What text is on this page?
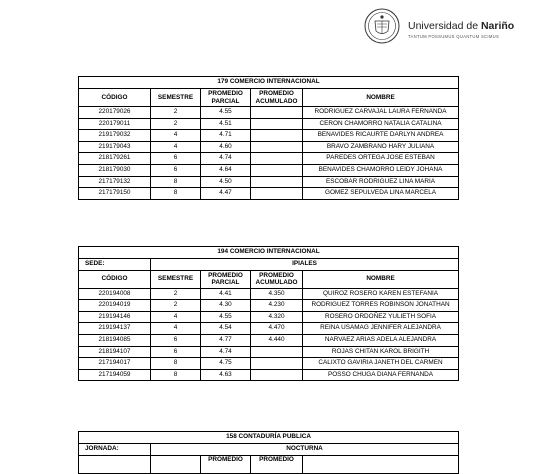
Universidad de Nariño
TANTUM POSSUMUS QUANTUM SCIMUS
179 COMERCIO INTERNACIONAL				
CÓDIGO	SEMESTRE	PROMEDIO PARCIAL	PROMEDIO ACUMULADO	NOMBRE
220179026	2	4.55		RODRIGUEZ CARVAJAL LAURA FERNANDA
220179011	2	4.51		CERON CHAMORRO NATALIA CATALINA
219179032	4	4.71		BENAVIDES RICAURTE DARLYN ANDREA
219179043	4	4.60		BRAVO ZAMBRANO HARY JULIANA
218179261	6	4.74		PAREDES ORTEGA JOSE ESTEBAN
218179030	6	4.64		BENAVIDES CHAMORRO LEIDY JOHANA
217179132	8	4.50		ESCOBAR RODRIGUEZ LINA MARIA
217179150	8	4.47		GOMEZ SEPULVEDA LINA MARCELA
194 COMERCIO INTERNACIONAL				
SEDE:	IPIALES			
CÓDIGO	SEMESTRE	PROMEDIO PARCIAL	PROMEDIO ACUMULADO	NOMBRE
220194008	2	4.41	4.350	QUIROZ ROSERO KAREN ESTEFANIA
220194019	2	4.30	4.230	RODRIGUEZ TORRES ROBINSON JONATHAN
219194146	4	4.55	4.320	ROSERO ORDOÑEZ YULIETH SOFIA
219194137	4	4.54	4.470	REINA USAMAG JENNIFER ALEJANDRA
218194085	6	4.77	4.440	NARVAEZ ARIAS ADELA ALEJANDRA
218194107	6	4.74		ROJAS CHITAN KAROL BRIGITH
217194017	8	4.75		CALIXTO GAVIRIA JANETH DEL CARMEN
217194059	8	4.63		POSSO CHUGA DIANA FERNANDA
158 CONTADURÍA PUBLICA				
JORNADA:	NOCTURNA			
		PROMEDIO	PROMEDIO	
